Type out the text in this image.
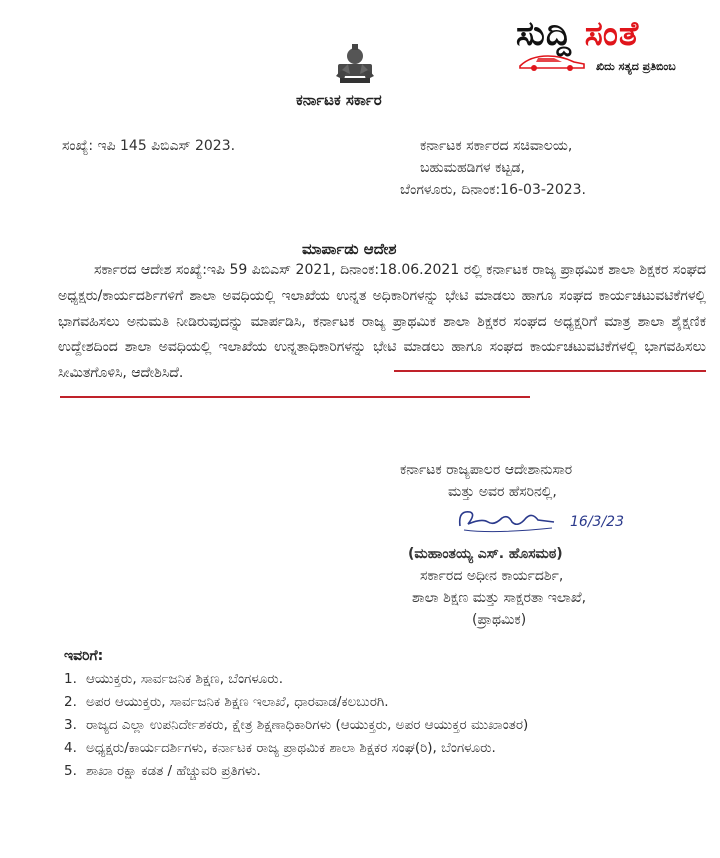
ಸುದ್ದಿ ಸಂತೆ
ಖಿದು ಸತ್ಯದ ಪ್ರತಿಬಿಂಬ
ಕರ್ನಾಟಕ ಸರ್ಕಾರ
ಸಂಖ್ಯೆ: ಇಪಿ 145 ಪಿಬಿಎಸ್ 2023.	ಕರ್ನಾಟಕ ಸರ್ಕಾರದ ಸಚಿವಾಲಯ,
ಬಹುಮಹಡಿಗಳ ಕಟ್ಟಡ,
ಬೆಂಗಳೂರು, ದಿನಾಂಕ:16-03-2023.
ಮಾರ್ಪಾಡು ಆದೇಶ

ಸರ್ಕಾರದ ಆದೇಶ ಸಂಖ್ಯೆ:ಇಪಿ 59 ಪಿಬಿಎಸ್ 2021, ದಿನಾಂಕ:18.06.2021 ರಲ್ಲಿ ಕರ್ನಾಟಕ ರಾಜ್ಯ ಪ್ರಾಥಮಿಕ ಶಾಲಾ ಶಿಕ್ಷಕರ ಸಂಘದ ಅಧ್ಯಕ್ಷರು/ಕಾರ್ಯದರ್ಶಿಗಳಿಗೆ ಶಾಲಾ ಅವಧಿಯಲ್ಲಿ ಇಲಾಖೆಯ ಉನ್ನತ ಅಧಿಕಾರಿಗಳನ್ನು ಭೇಟಿ ಮಾಡಲು ಹಾಗೂ ಸಂಘದ ಕಾರ್ಯಚಟುವಟಿಕೆಗಳಲ್ಲಿ ಭಾಗವಹಿಸಲು ಅನುಮತಿ ನೀಡಿರುವುದನ್ನು ಮಾರ್ಪಡಿಸಿ, ಕರ್ನಾಟಕ ರಾಜ್ಯ ಪ್ರಾಥಮಿಕ ಶಾಲಾ ಶಿಕ್ಷಕರ ಸಂಘದ ಅಧ್ಯಕ್ಷರಿಗೆ ಮಾತ್ರ ಶಾಲಾ ಶೈಕ್ಷಣಿಕ ಉದ್ದೇಶದಿಂದ ಶಾಲಾ ಅವಧಿಯಲ್ಲಿ ಇಲಾಖೆಯ ಉನ್ನತಾಧಿಕಾರಿಗಳನ್ನು ಭೇಟಿ ಮಾಡಲು ಹಾಗೂ ಸಂಘದ ಕಾರ್ಯಚಟುವಟಿಕೆಗಳಲ್ಲಿ ಭಾಗವಹಿಸಲು ಸೀಮಿತಗೊಳಿಸಿ, ಆದೇಶಿಸಿದೆ.

ಕರ್ನಾಟಕ ರಾಜ್ಯಪಾಲರ ಆದೇಶಾನುಸಾರ
ಮತ್ತು ಅವರ ಹೆಸರಿನಲ್ಲಿ,
16/3/23
(ಮಹಾಂತಯ್ಯ ಎಸ್. ಹೊಸಮಠ)
ಸರ್ಕಾರದ ಅಧೀನ ಕಾರ್ಯದರ್ಶಿ,
ಶಾಲಾ ಶಿಕ್ಷಣ ಮತ್ತು ಸಾಕ್ಷರತಾ ಇಲಾಖೆ,
(ಪ್ರಾಥಮಿಕ)
ಇವರಿಗೆ:
1. ಆಯುಕ್ತರು, ಸಾರ್ವಜನಿಕ ಶಿಕ್ಷಣ, ಬೆಂಗಳೂರು.
2. ಅಪರ ಆಯುಕ್ತರು, ಸಾರ್ವಜನಿಕ ಶಿಕ್ಷಣ ಇಲಾಖೆ, ಧಾರವಾಡ/ಕಲಬುರಗಿ.
3. ರಾಜ್ಯದ ಎಲ್ಲಾ ಉಪನಿರ್ದೇಶಕರು, ಕ್ಷೇತ್ರ ಶಿಕ್ಷಣಾಧಿಕಾರಿಗಳು (ಆಯುಕ್ತರು, ಅಪರ ಆಯುಕ್ತರ ಮುಖಾಂತರ)
4. ಅಧ್ಯಕ್ಷರು/ಕಾರ್ಯದರ್ಶಿಗಳು, ಕರ್ನಾಟಕ ರಾಜ್ಯ ಪ್ರಾಥಮಿಕ ಶಾಲಾ ಶಿಕ್ಷಕರ ಸಂಘ(ರಿ), ಬೆಂಗಳೂರು.
5. ಶಾಖಾ ರಕ್ಷಾ ಕಡತ / ಹೆಚ್ಚುವರಿ ಪ್ರತಿಗಳು.
